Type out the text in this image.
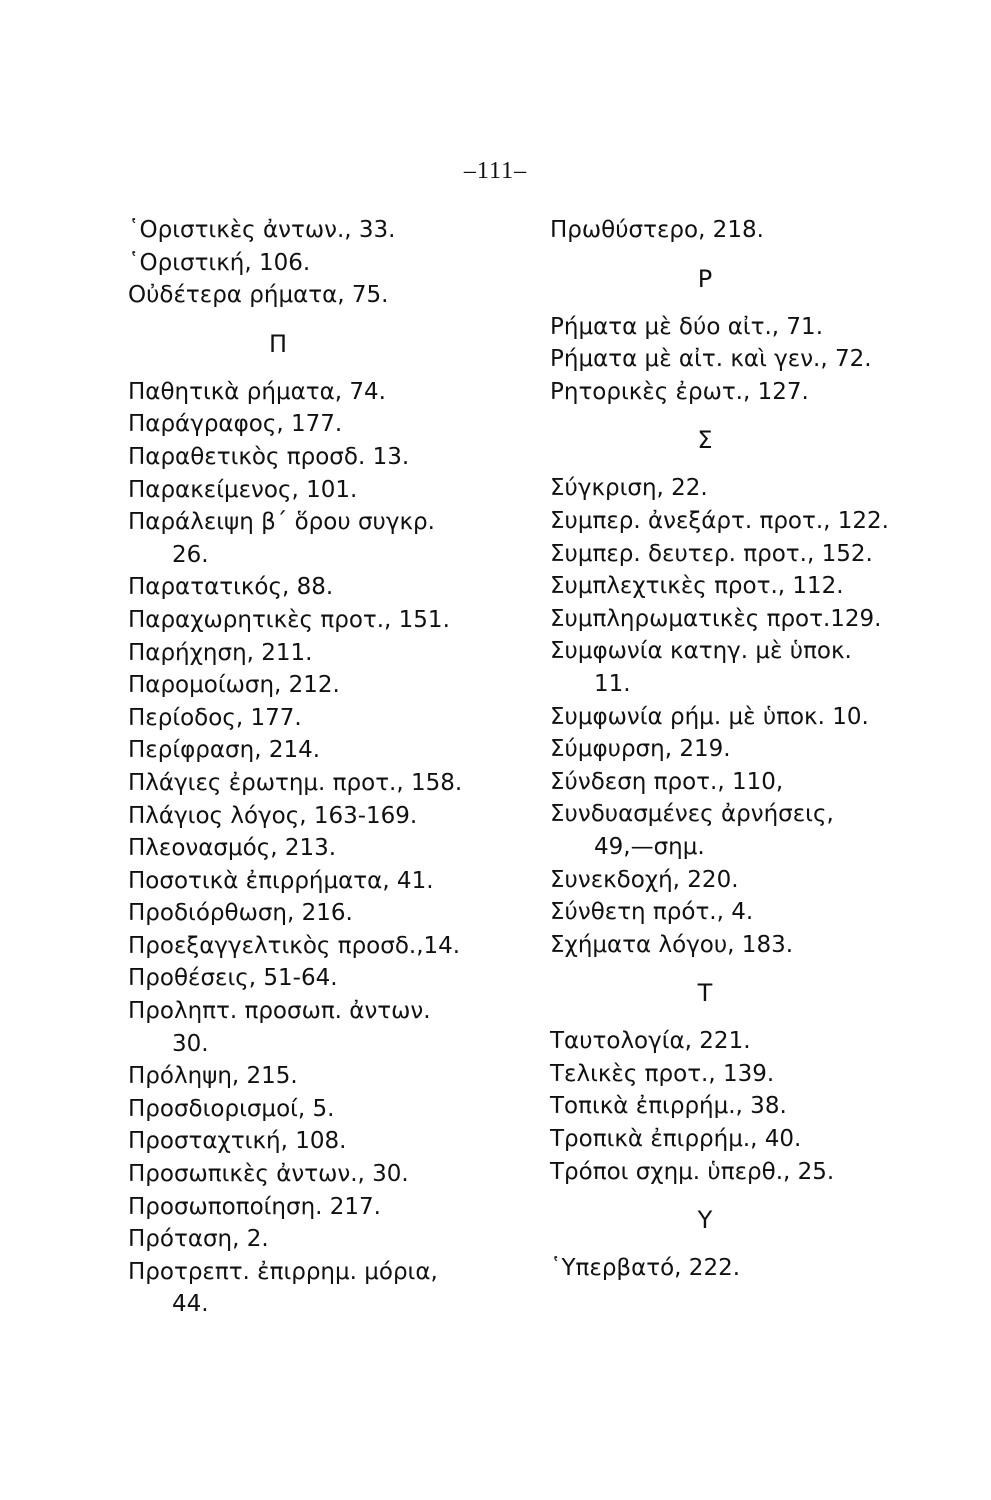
–111–
῾Οριστικὲς ἀντων., 33.
῾Οριστική, 106.
Οὐδέτερα ρήματα, 75.
Π
Παθητικὰ ρήματα, 74.
Παράγραφος, 177.
Παραθετικὸς προσδ. 13.
Παρακείμενος, 101.
Παράλειψη β΄ ὅρου συγκρ.
26.
Παρατατικός, 88.
Παραχωρητικὲς προτ., 151.
Παρήχηση, 211.
Παρομοίωση, 212.
Περίοδος, 177.
Περίφραση, 214.
Πλάγιες ἐρωτημ. προτ., 158.
Πλάγιος λόγος, 163-169.
Πλεονασμός, 213.
Ποσοτικὰ ἐπιρρήματα, 41.
Προδιόρθωση, 216.
Προεξαγγελτικὸς προσδ.,14.
Προθέσεις, 51-64.
Προληπτ. προσωπ. ἀντων.
30.
Πρόληψη, 215.
Προσδιορισμοί, 5.
Προσταχτική, 108.
Προσωπικὲς ἀντων., 30.
Προσωποποίηση. 217.
Πρόταση, 2.
Προτρεπτ. ἐπιρρημ. μόρια,
44.
Πρωθύστερο, 218.
Ρ
Ρήματα μὲ δύο αἰτ., 71.
Ρήματα μὲ αἰτ. καὶ γεν., 72.
Ρητορικὲς ἐρωτ., 127.
Σ
Σύγκριση, 22.
Συμπερ. ἀνεξάρτ. προτ., 122.
Συμπερ. δευτερ. προτ., 152.
Συμπλεχτικὲς προτ., 112.
Συμπληρωματικὲς προτ.129.
Συμφωνία κατηγ. μὲ ὑποκ.
11.
Συμφωνία ρήμ. μὲ ὑποκ. 10.
Σύμφυρση, 219.
Σύνδεση προτ., 110,
Συνδυασμένες ἀρνήσεις,
49,—σημ.
Συνεκδοχή, 220.
Σύνθετη πρότ., 4.
Σχήματα λόγου, 183.
Τ
Ταυτολογία, 221.
Τελικὲς προτ., 139.
Τοπικὰ ἐπιρρήμ., 38.
Τροπικὰ ἐπιρρήμ., 40.
Τρόποι σχημ. ὑπερθ., 25.
Υ
῾Υπερβατό, 222.
